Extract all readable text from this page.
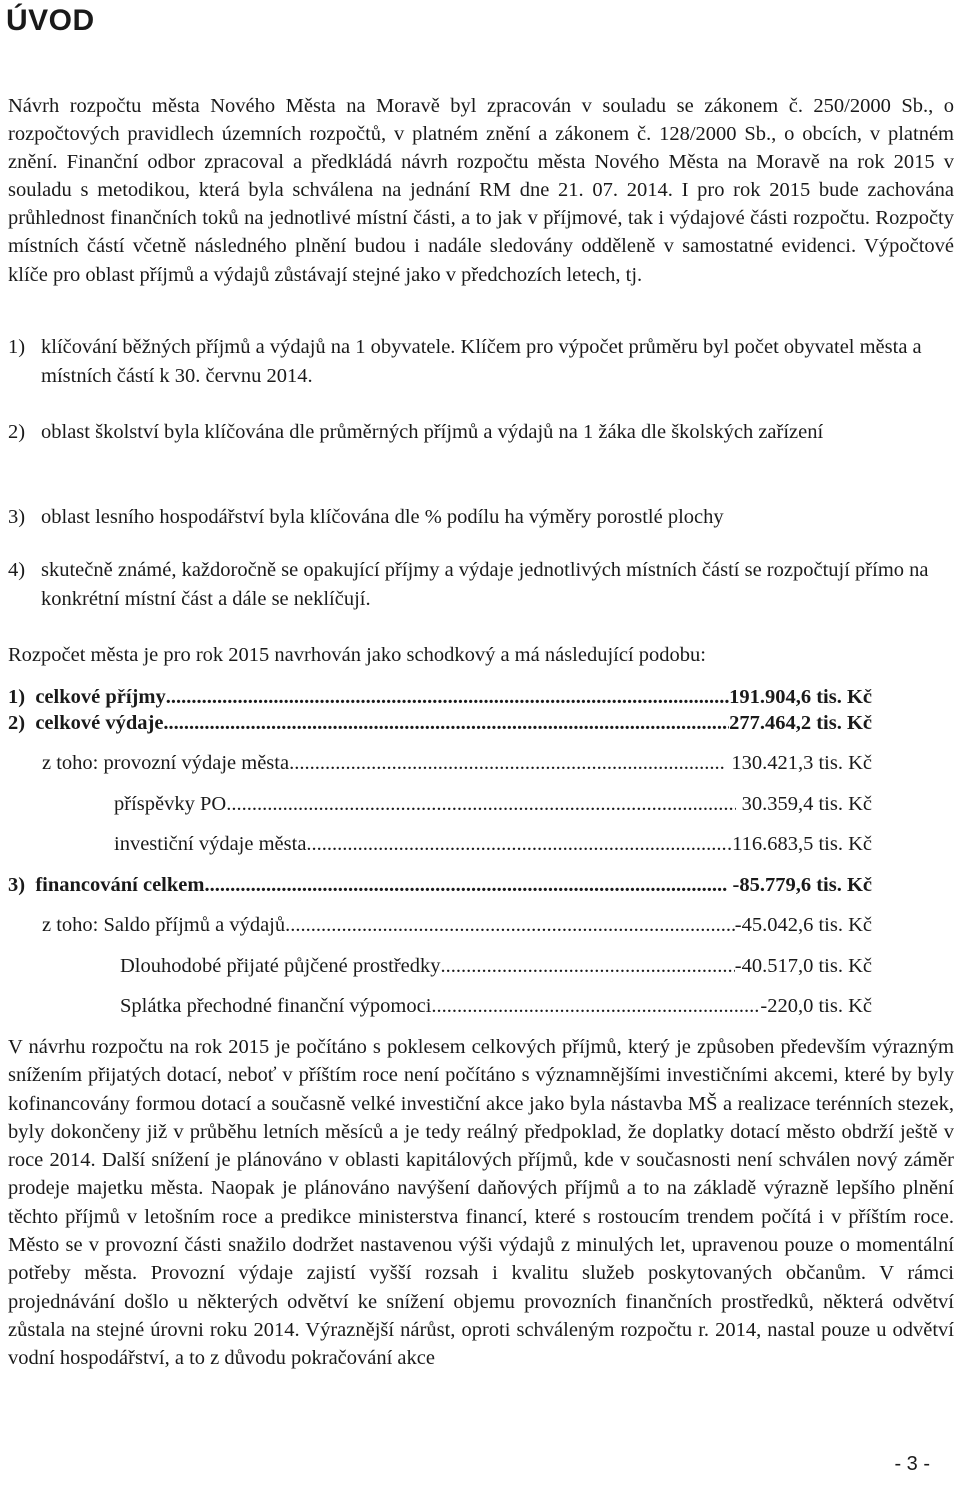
ÚVOD

Návrh rozpočtu města Nového Města na Moravě byl zpracován v souladu se zákonem č. 250/2000 Sb., o rozpočtových pravidlech územních rozpočtů, v platném znění a zákonem č. 128/2000 Sb., o obcích, v platném znění. Finanční odbor zpracoval a předkládá návrh rozpočtu města Nového Města na Moravě na rok 2015 v souladu s metodikou, která byla schválena na jednání RM dne 21. 07. 2014. I pro rok 2015 bude zachována průhlednost finančních toků na jednotlivé místní části, a to jak v příjmové, tak i výdajové části rozpočtu. Rozpočty místních částí včetně následného plnění budou i nadále sledovány odděleně v samostatné evidenci. Výpočtové klíče pro oblast příjmů a výdajů zůstávají stejné jako v předchozích letech, tj.

1) klíčování běžných příjmů a výdajů na 1 obyvatele. Klíčem pro výpočet průměru byl počet obyvatel města a místních částí k 30. červnu 2014.
2) oblast školství byla klíčována dle průměrných příjmů a výdajů na 1 žáka dle školských zařízení
3) oblast lesního hospodářství byla klíčována dle % podílu ha výměry porostlé plochy
4) skutečně známé, každoročně se opakující příjmy a výdaje jednotlivých místních částí se rozpočtují přímo na konkrétní místní část a dále se neklíčují.

Rozpočet města je pro rok 2015 navrhován jako schodkový a má následující podobu:

1)  celkové příjmy .....	191.904,6 tis. Kč
2)  celkové výdaje .....	277.464,2 tis. Kč
z toho: provozní výdaje města .....	130.421,3 tis. Kč
příspěvky PO .....	30.359,4 tis. Kč
investiční výdaje města .....	.116.683,5 tis. Kč
3)  financování celkem .....	-85.779,6 tis. Kč
z toho: Saldo příjmů a výdajů .....	-45.042,6 tis. Kč
Dlouhodobé přijaté půjčené prostředky .....	-40.517,0 tis. Kč
Splátka přechodné finanční výpomoci .....	-220,0 tis. Kč

V návrhu rozpočtu na rok 2015 je počítáno s poklesem celkových příjmů, který je způsoben především výrazným snížením přijatých dotací, neboť v příštím roce není počítáno s významnějšími investičními akcemi, které by byly kofinancovány formou dotací a současně velké investiční akce jako byla nástavba MŠ a realizace terénních stezek, byly dokončeny již v průběhu letních měsíců a je tedy reálný předpoklad, že doplatky dotací město obdrží ještě v roce 2014. Další snížení je plánováno v oblasti kapitálových příjmů, kde v současnosti není schválen nový záměr prodeje majetku města. Naopak je plánováno navýšení daňových příjmů a to na základě výrazně lepšího plnění těchto příjmů v letošním roce a predikce ministerstva financí, které s rostoucím trendem počítá i v příštím roce. Město se v provozní části snažilo dodržet nastavenou výši výdajů z minulých let, upravenou pouze o momentální potřeby města. Provozní výdaje zajistí vyšší rozsah i kvalitu služeb poskytovaných občanům. V rámci projednávání došlo u některých odvětví ke snížení objemu provozních finančních prostředků, některá odvětví zůstala na stejné úrovni roku 2014. Výraznější nárůst, oproti schváleným rozpočtu r. 2014, nastal pouze u odvětví vodní hospodářství, a to z důvodu pokračování akce

- 3 -
